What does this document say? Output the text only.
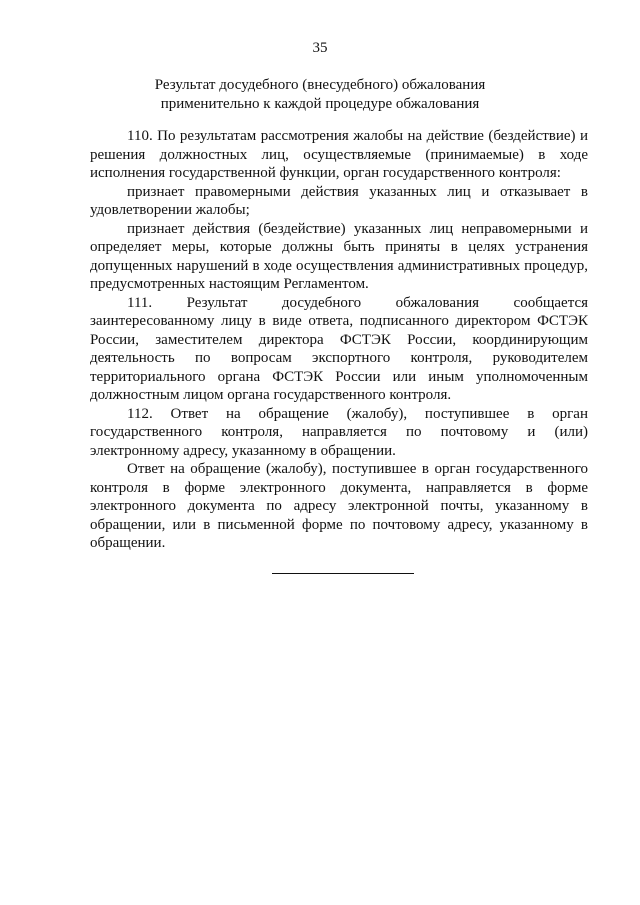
35
Результат досудебного (внесудебного) обжалования
применительно к каждой процедуре обжалования

110. По результатам рассмотрения жалобы на действие (бездействие) и решения должностных лиц, осуществляемые (принимаемые) в ходе исполнения государственной функции, орган государственного контроля:

признает правомерными действия указанных лиц и отказывает в удовлетворении жалобы;

признает действия (бездействие) указанных лиц неправомерными и определяет меры, которые должны быть приняты в целях устранения допущенных нарушений в ходе осуществления административных процедур, предусмотренных настоящим Регламентом.

111. Результат досудебного обжалования сообщается заинтересованному лицу в виде ответа, подписанного директором ФСТЭК России, заместителем директора ФСТЭК России, координирующим деятельность по вопросам экспортного контроля, руководителем территориального органа ФСТЭК России или иным уполномоченным должностным лицом органа государственного контроля.

112. Ответ на обращение (жалобу), поступившее в орган государственного контроля, направляется по почтовому и (или) электронному адресу, указанному в обращении.

Ответ на обращение (жалобу), поступившее в орган государственного контроля в форме электронного документа, направляется в форме электронного документа по адресу электронной почты, указанному в обращении, или в письменной форме по почтовому адресу, указанному в обращении.
